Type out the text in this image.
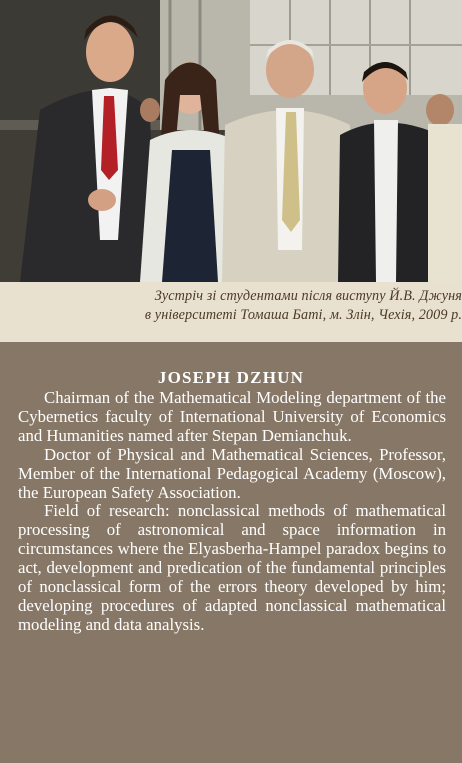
Зустріч зі студентами після виступу Й.В. Джуня
в університеті Томаша Баті, м. Злін, Чехія, 2009 р.
JOSEPH DZHUN

Chairman of the Mathematical Modeling department of the Cybernetics faculty of International University of Economics and Humanities named after Stepan Demianchuk.

Doctor of Physical and Mathematical Sciences, Professor, Member of the International Pedagogical Academy (Moscow), the European Safety Association.

Field of research: nonclassical methods of mathematical processing of astronomical and space information in circumstances where the Elyasberha-Hampel paradox begins to act, development and predication of the fundamental principles of nonclassical form of the errors theory developed by him; developing procedures of adapted nonclassical mathematical modeling and data analysis.
